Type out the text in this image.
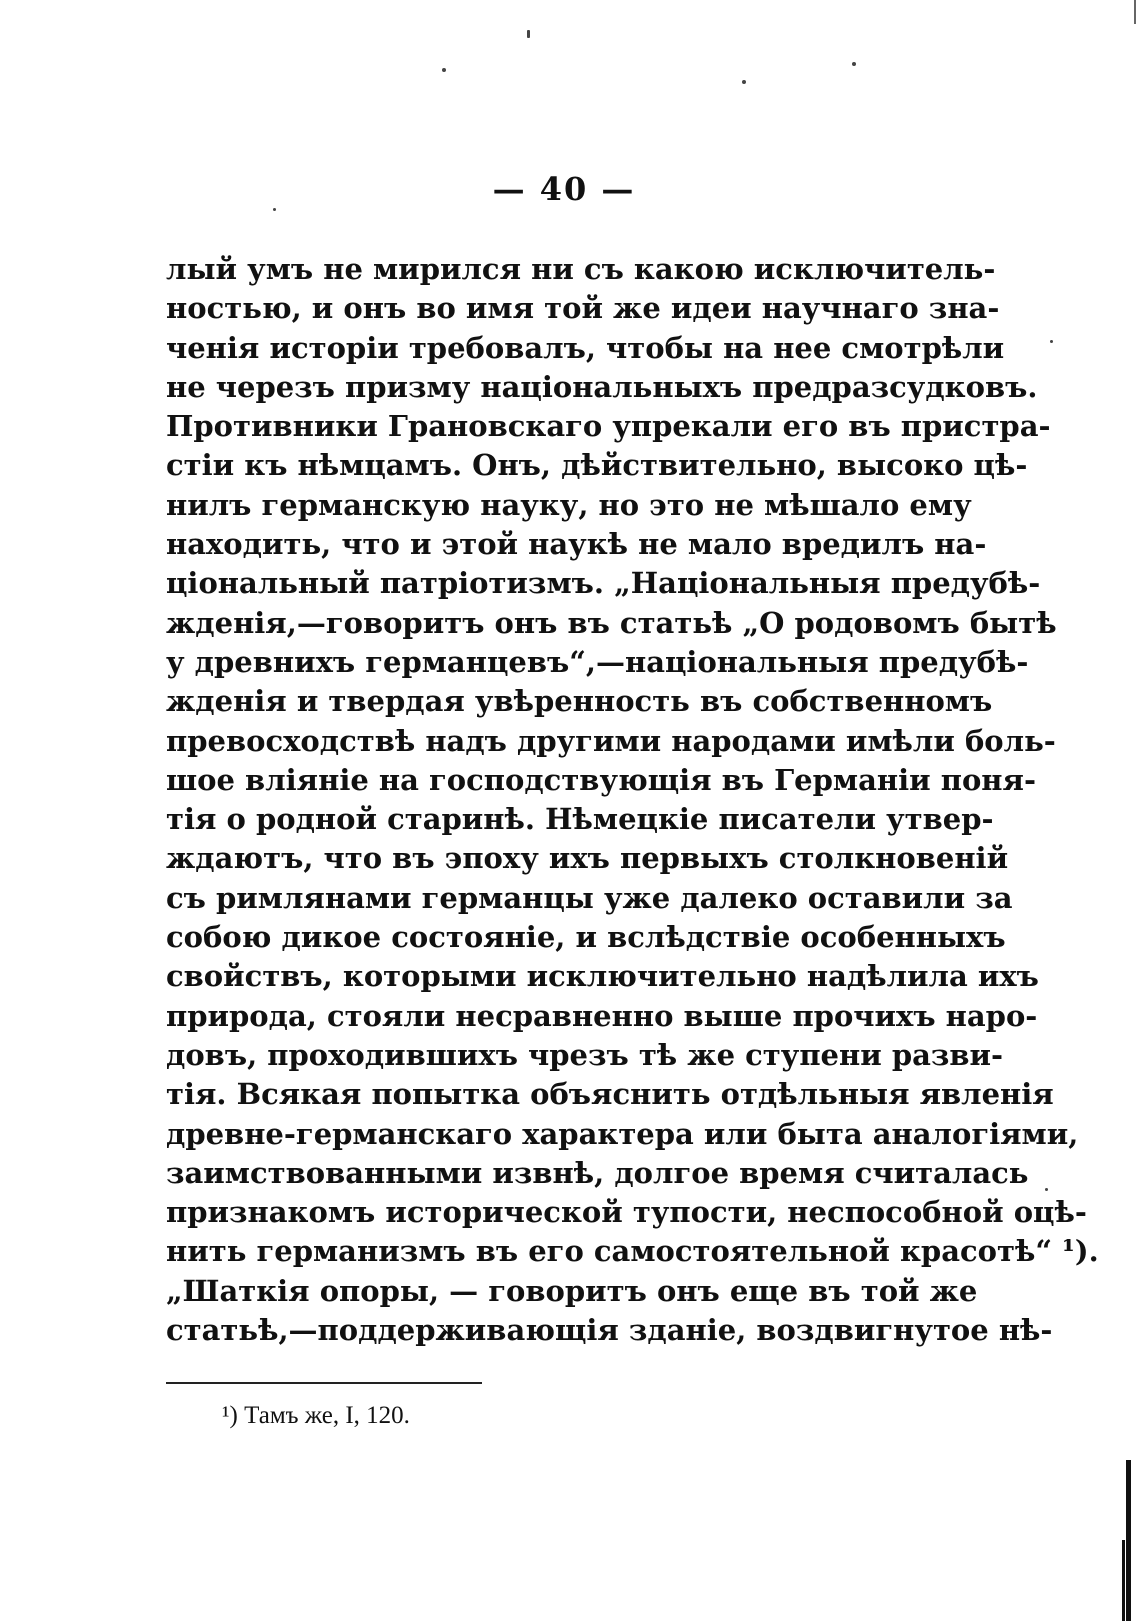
— 40 —
лый умъ не мирился ни съ какою исключитель-
ностью, и онъ во имя той же идеи научнаго зна-
ченія исторіи требовалъ, чтобы на нее смотрѣли
не черезъ призму національныхъ предразсудковъ.
Противники Грановскаго упрекали его въ пристра-
стіи къ нѣмцамъ. Онъ, дѣйствительно, высоко цѣ-
нилъ германскую науку, но это не мѣшало ему
находить, что и этой наукѣ не мало вредилъ на-
ціональный патріотизмъ. „Національныя предубѣ-
жденія,—говоритъ онъ въ статьѣ „О родовомъ бытѣ
у древнихъ германцевъ“,—національныя предубѣ-
жденія и твердая увѣренность въ собственномъ
превосходствѣ надъ другими народами имѣли боль-
шое вліяніе на господствующія въ Германіи поня-
тія о родной старинѣ. Нѣмецкіе писатели утвер-
ждаютъ, что въ эпоху ихъ первыхъ столкновеній
съ римлянами германцы уже далеко оставили за
собою дикое состояніе, и вслѣдствіе особенныхъ
свойствъ, которыми исключительно надѣлила ихъ
природа, стояли несравненно выше прочихъ наро-
довъ, проходившихъ чрезъ тѣ же ступени разви-
тія. Всякая попытка объяснить отдѣльныя явленія
древне-германскаго характера или быта аналогіями,
заимствованными извнѣ, долгое время считалась
признакомъ исторической тупости, неспособной оцѣ-
нить германизмъ въ его самостоятельной красотѣ“ ¹).
„Шаткія опоры, — говоритъ онъ еще въ той же
статьѣ,—поддерживающія зданіе, воздвигнутое нѣ-
¹) Тамъ же, I, 120.
